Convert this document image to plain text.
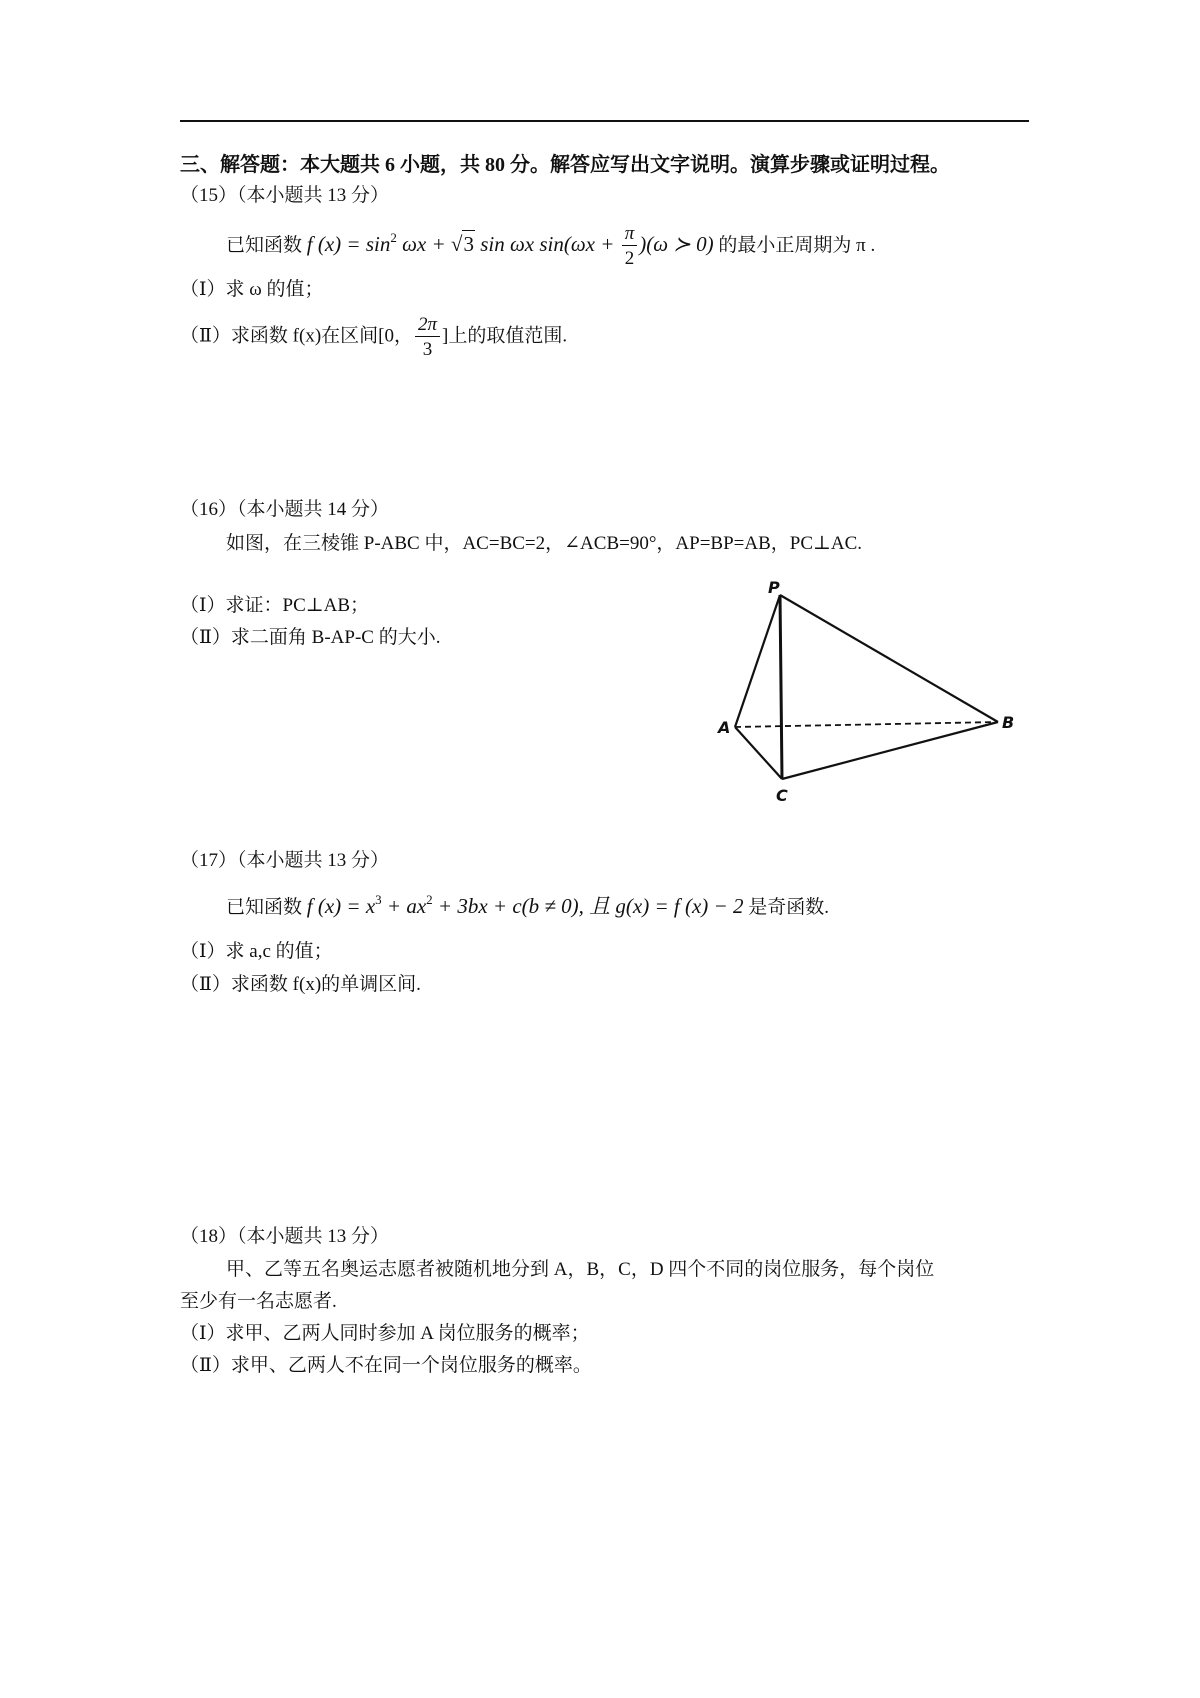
三、解答题：本大题共 6 小题，共 80 分。解答应写出文字说明。演算步骤或证明过程。
（15）（本小题共 13 分）
已知函数 f $(x) = \sin^2 \omega x + √3$ sin ωx $\sin(\omega x + \frac{\pi}{2} )(\omega$ ≻ 0) 的最小正周期为 π .
（Ⅰ）求 ω 的值；
（Ⅱ）求函数 f(x)在区间[0， $\frac{2\pi}{3}$ ]上的取值范围.
（16）（本小题共 14 分）
如图，在三棱锥 P-ABC 中，AC=BC=2，∠ACB=90°，AP=BP=AB，PC⊥AC.
（Ⅰ）求证：PC⊥AB；
（Ⅱ）求二面角 B-AP-C 的大小.
P
A	B
C
（17）（本小题共 13 分）
已知函数 f $(x) = x^3 + ax^2 + 3bx + c(b \ne 0)$, 且 g(x) = f (x) − 2 是奇函数.
（Ⅰ）求 a,c 的值；
（Ⅱ）求函数 f(x)的单调区间.
（18）（本小题共 13 分）
甲、乙等五名奥运志愿者被随机地分到 A，B，C，D 四个不同的岗位服务，每个岗位
至少有一名志愿者.
（Ⅰ）求甲、乙两人同时参加 A 岗位服务的概率；
（Ⅱ）求甲、乙两人不在同一个岗位服务的概率。
